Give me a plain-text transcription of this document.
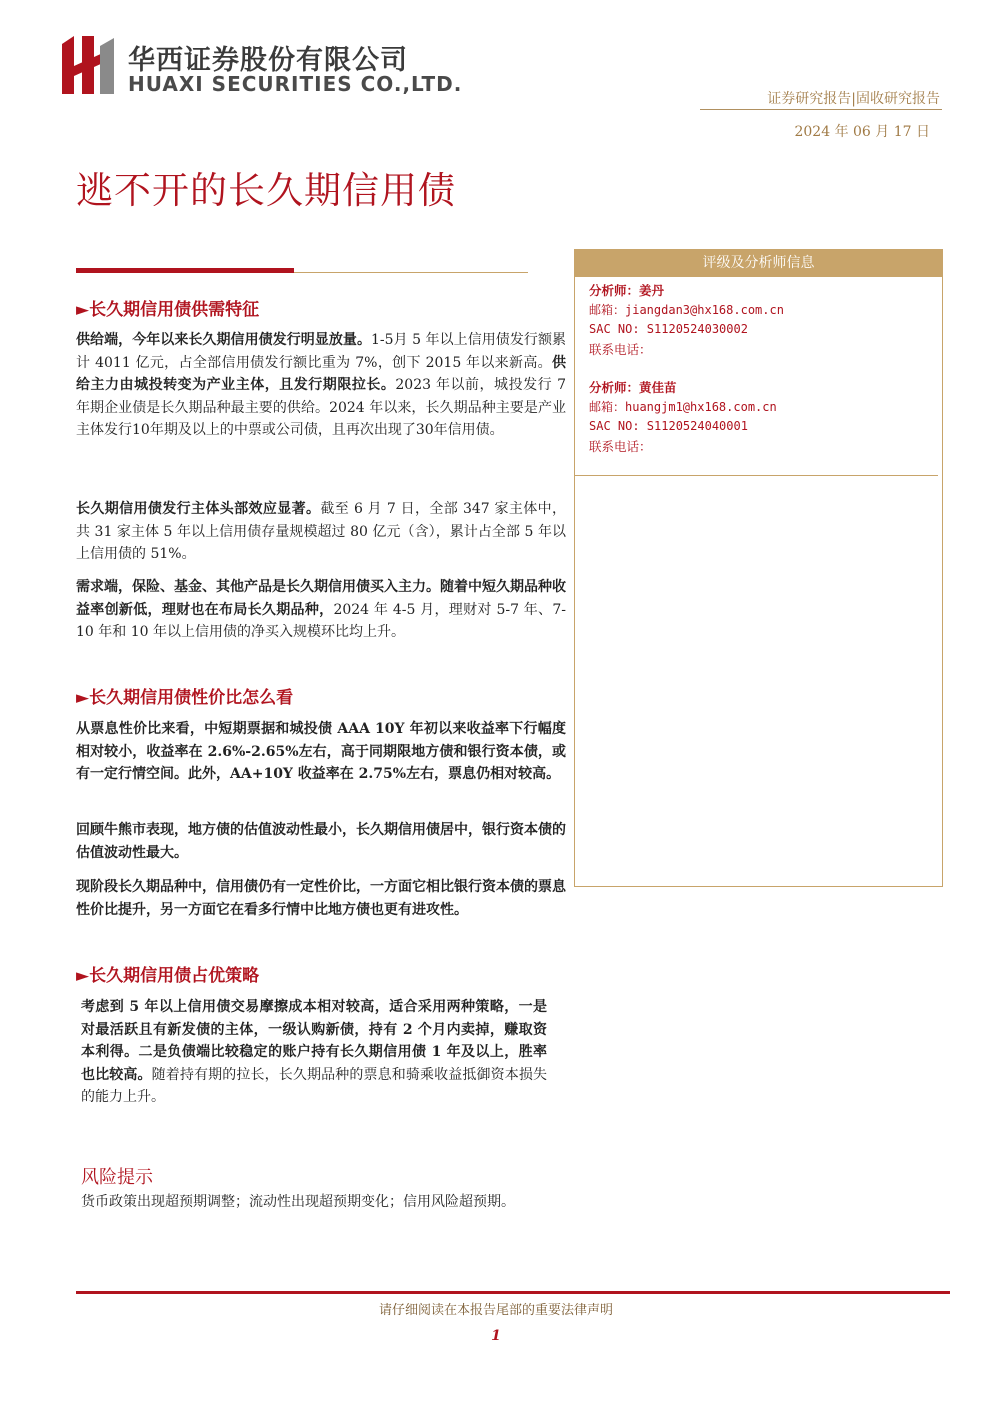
华西证券股份有限公司
HUAXI SECURITIES CO.,LTD.
证券研究报告|固收研究报告
2024 年 06 月 17 日
逃不开的长久期信用债
►长久期信用债供需特征
供给端，今年以来长久期信用债发行明显放量。1-5月 5 年以上信用债发行额累计 4011 亿元，占全部信用债发行额比重为 7%，创下 2015 年以来新高。供给主力由城投转变为产业主体，且发行期限拉长。2023 年以前，城投发行 7 年期企业债是长久期品种最主要的供给。2024 年以来，长久期品种主要是产业主体发行10年期及以上的中票或公司债，且再次出现了30年信用债。
长久期信用债发行主体头部效应显著。截至 6 月 7 日，全部 347 家主体中，共 31 家主体 5 年以上信用债存量规模超过 80 亿元（含），累计占全部 5 年以上信用债的 51%。
需求端，保险、基金、其他产品是长久期信用债买入主力。随着中短久期品种收益率创新低，理财也在布局长久期品种，2024 年 4-5 月，理财对 5-7 年、7-10 年和 10 年以上信用债的净买入规模环比均上升。
►长久期信用债性价比怎么看
从票息性价比来看，中短期票据和城投债 AAA 10Y 年初以来收益率下行幅度相对较小，收益率在 2.6%-2.65%左右，高于同期限地方债和银行资本债，或有一定行情空间。此外，AA+10Y 收益率在 2.75%左右，票息仍相对较高。
回顾牛熊市表现，地方债的估值波动性最小，长久期信用债居中，银行资本债的估值波动性最大。
现阶段长久期品种中，信用债仍有一定性价比，一方面它相比银行资本债的票息性价比提升，另一方面它在看多行情中比地方债也更有进攻性。
►长久期信用债占优策略
考虑到 5 年以上信用债交易摩擦成本相对较高，适合采用两种策略，一是对最活跃且有新发债的主体，一级认购新债，持有 2 个月内卖掉，赚取资本利得。二是负债端比较稳定的账户持有长久期信用债 1 年及以上，胜率也比较高。随着持有期的拉长，长久期品种的票息和骑乘收益抵御资本损失的能力上升。
风险提示
货币政策出现超预期调整；流动性出现超预期变化；信用风险超预期。
评级及分析师信息
分析师：姜丹
邮箱：jiangdan3@hx168.com.cn
SAC NO: S1120524030002
联系电话：
分析师：黄佳苗
邮箱：huangjm1@hx168.com.cn
SAC NO: S1120524040001
联系电话：
请仔细阅读在本报告尾部的重要法律声明
1
